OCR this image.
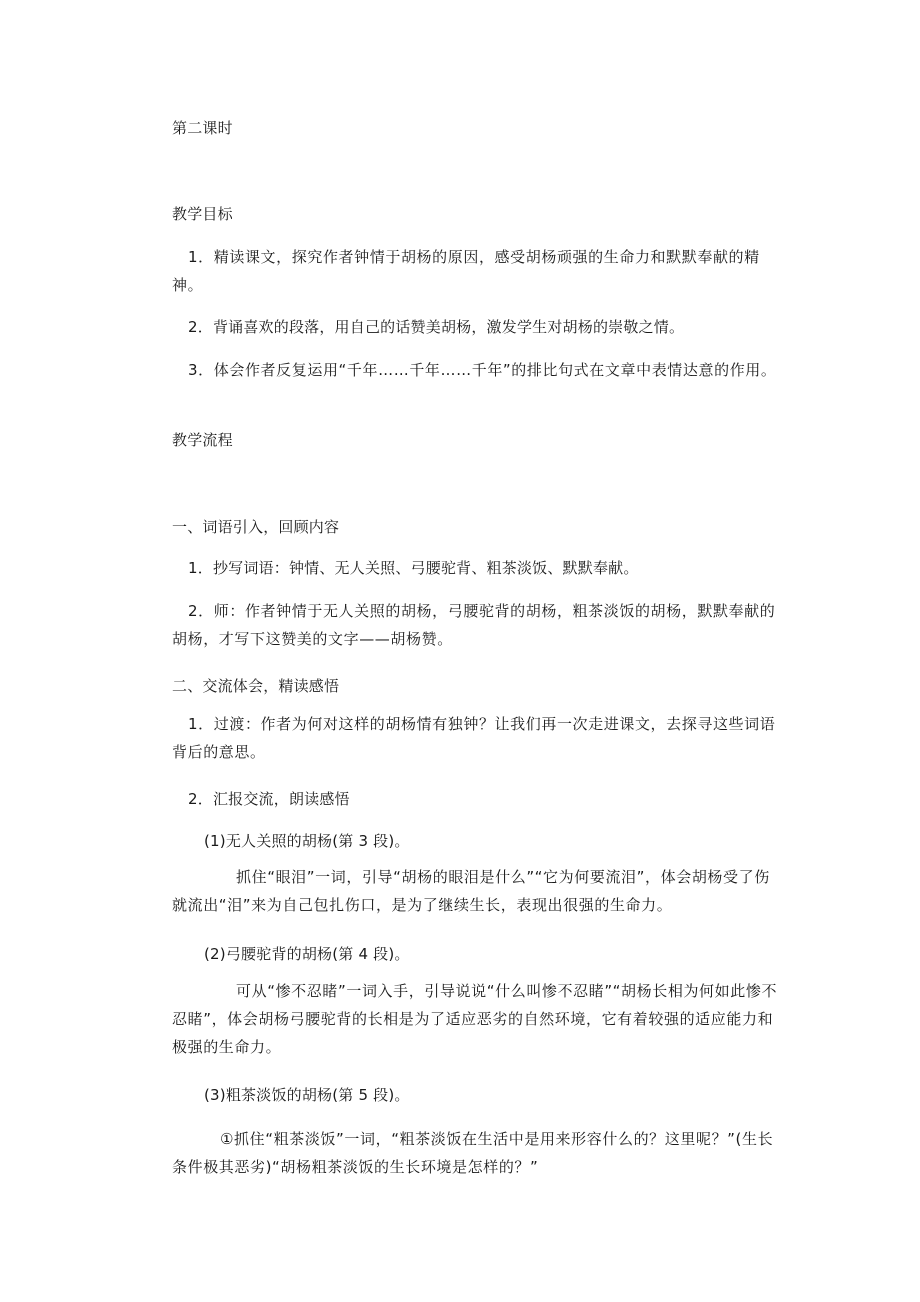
第二课时
教学目标
1．精读课文，探究作者钟情于胡杨的原因，感受胡杨顽强的生命力和默默奉献的精神。
2．背诵喜欢的段落，用自己的话赞美胡杨，激发学生对胡杨的崇敬之情。
3．体会作者反复运用“千年……千年……千年”的排比句式在文章中表情达意的作用。
教学流程
一、词语引入，回顾内容
1．抄写词语：钟情、无人关照、弓腰驼背、粗茶淡饭、默默奉献。
2．师：作者钟情于无人关照的胡杨，弓腰驼背的胡杨，粗茶淡饭的胡杨，默默奉献的胡杨，才写下这赞美的文字——胡杨赞。
二、交流体会，精读感悟
1．过渡：作者为何对这样的胡杨情有独钟？让我们再一次走进课文，去探寻这些词语背后的意思。
2．汇报交流，朗读感悟
(1)无人关照的胡杨(第 3 段)。
抓住“眼泪”一词，引导“胡杨的眼泪是什么”“它为何要流泪”，体会胡杨受了伤就流出“泪”来为自己包扎伤口，是为了继续生长，表现出很强的生命力。
(2)弓腰驼背的胡杨(第 4 段)。
可从“惨不忍睹”一词入手，引导说说“什么叫惨不忍睹”“胡杨长相为何如此惨不忍睹”，体会胡杨弓腰驼背的长相是为了适应恶劣的自然环境，它有着较强的适应能力和极强的生命力。
(3)粗茶淡饭的胡杨(第 5 段)。
①抓住“粗茶淡饭”一词，“粗茶淡饭在生活中是用来形容什么的？这里呢？”(生长条件极其恶劣)“胡杨粗茶淡饭的生长环境是怎样的？”
